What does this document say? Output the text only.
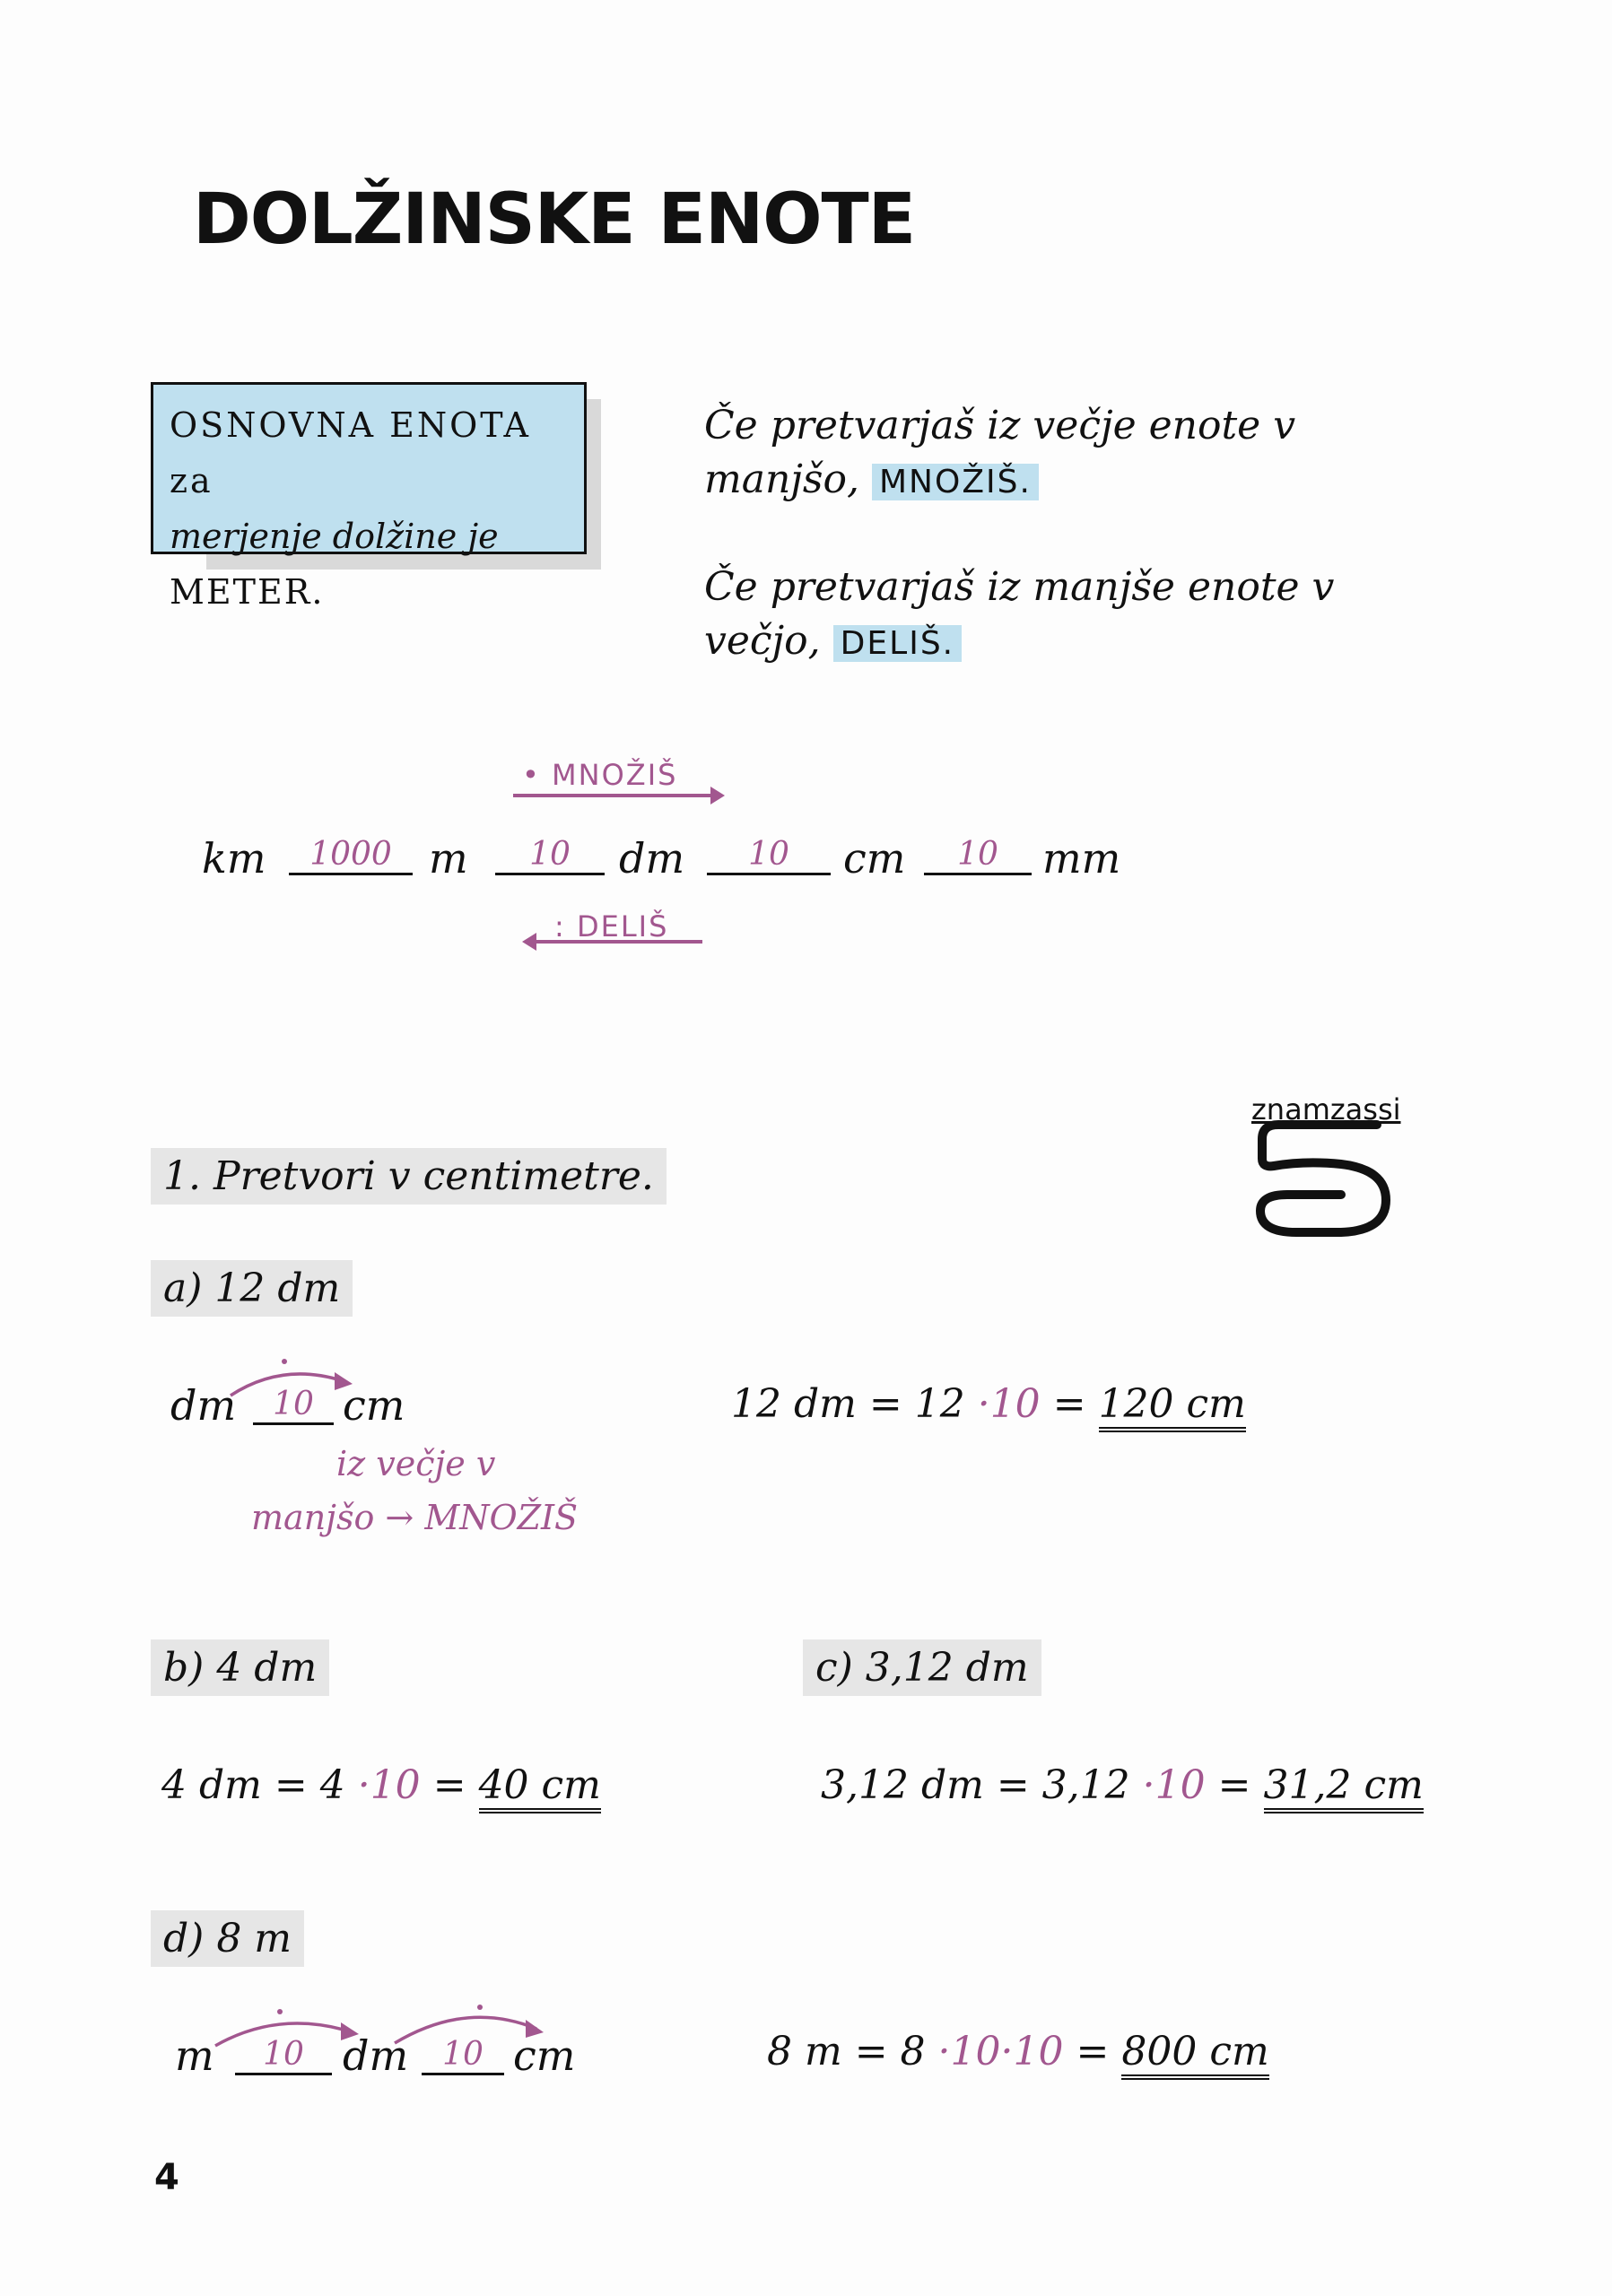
DOLŽINSKE ENOTE
OSNOVNA ENOTA za
merjenje dolžine je
METER.
Če pretvarjaš iz večje enote v
manjšo, MNOŽIŠ.
Če pretvarjaš iz manjše enote v
večjo, DELIŠ.
• MNOŽIŠ
km	1000 m	10	dm	10	cm	10	mm
: DELIŠ
znamzassi
1. Pretvori v centimetre.
a) 12 dm
dm	10 cm
iz večje v
manjšo → MNOŽIŠ
12 dm = 12 ·10 = 120 cm
b) 4 dm
4 dm = 4 ·10 = 40 cm
c) 3,12 dm
3,12 dm = 3,12 ·10 = 31,2 cm
d) 8 m
m	10 dm	10 cm	8 m = 8 ·10·10 = 800 cm
4
